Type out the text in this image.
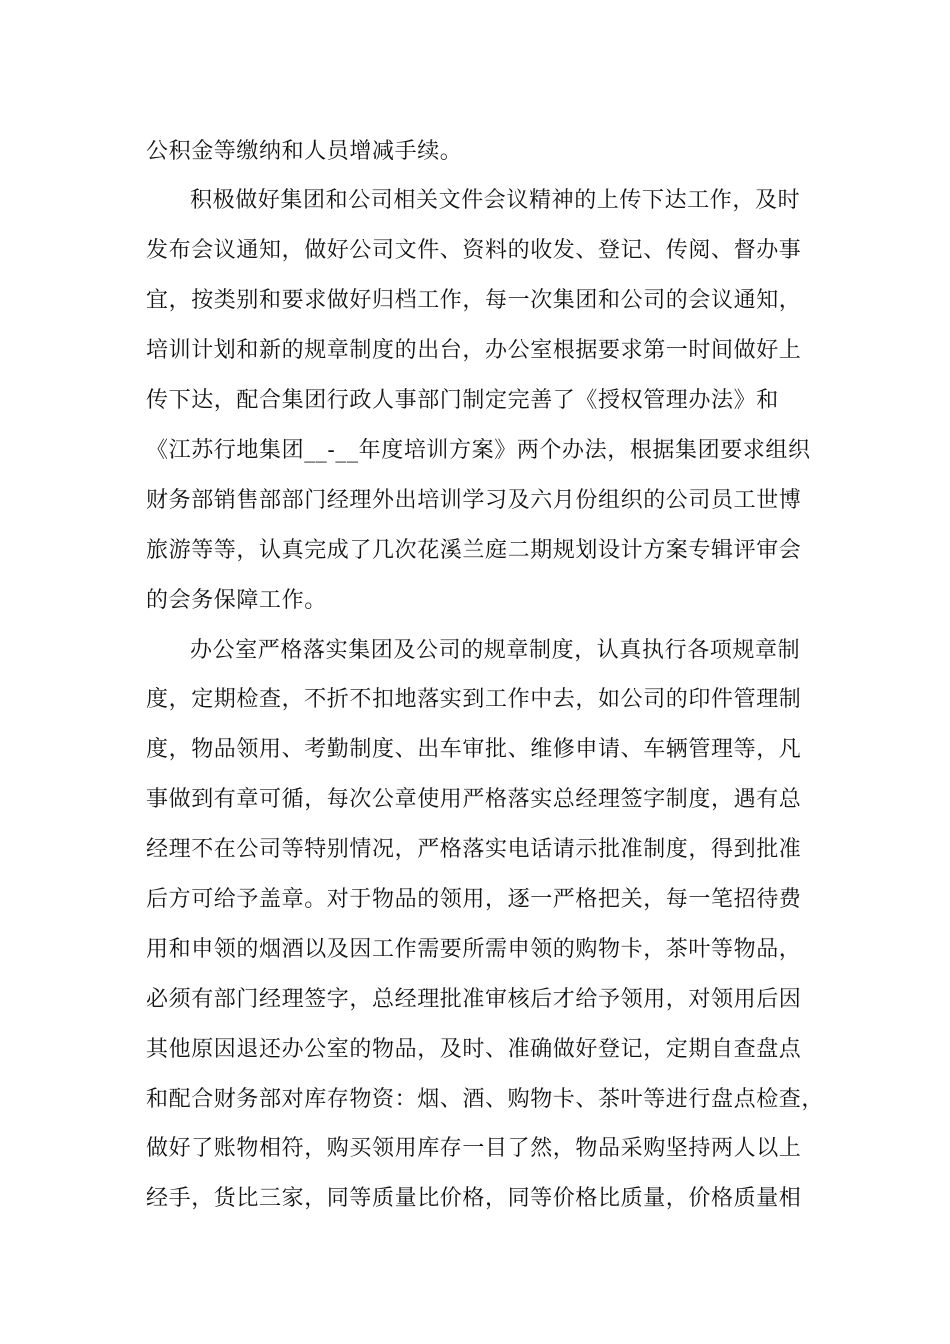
公积金等缴纳和人员增减手续。
积极做好集团和公司相关文件会议精神的上传下达工作，及时
发布会议通知，做好公司文件、资料的收发、登记、传阅、督办事
宜，按类别和要求做好归档工作，每一次集团和公司的会议通知，
培训计划和新的规章制度的出台，办公室根据要求第一时间做好上
传下达，配合集团行政人事部门制定完善了《授权管理办法》和
《江苏行地集团__-__年度培训方案》两个办法，根据集团要求组织
财务部销售部部门经理外出培训学习及六月份组织的公司员工世博
旅游等等，认真完成了几次花溪兰庭二期规划设计方案专辑评审会
的会务保障工作。
办公室严格落实集团及公司的规章制度，认真执行各项规章制
度，定期检查，不折不扣地落实到工作中去，如公司的印件管理制
度，物品领用、考勤制度、出车审批、维修申请、车辆管理等，凡
事做到有章可循，每次公章使用严格落实总经理签字制度，遇有总
经理不在公司等特别情况，严格落实电话请示批准制度，得到批准
后方可给予盖章。对于物品的领用，逐一严格把关，每一笔招待费
用和申领的烟酒以及因工作需要所需申领的购物卡，茶叶等物品，
必须有部门经理签字，总经理批准审核后才给予领用，对领用后因
其他原因退还办公室的物品，及时、准确做好登记，定期自查盘点
和配合财务部对库存物资：烟、酒、购物卡、茶叶等进行盘点检查，
做好了账物相符，购买领用库存一目了然，物品采购坚持两人以上
经手，货比三家，同等质量比价格，同等价格比质量，价格质量相
